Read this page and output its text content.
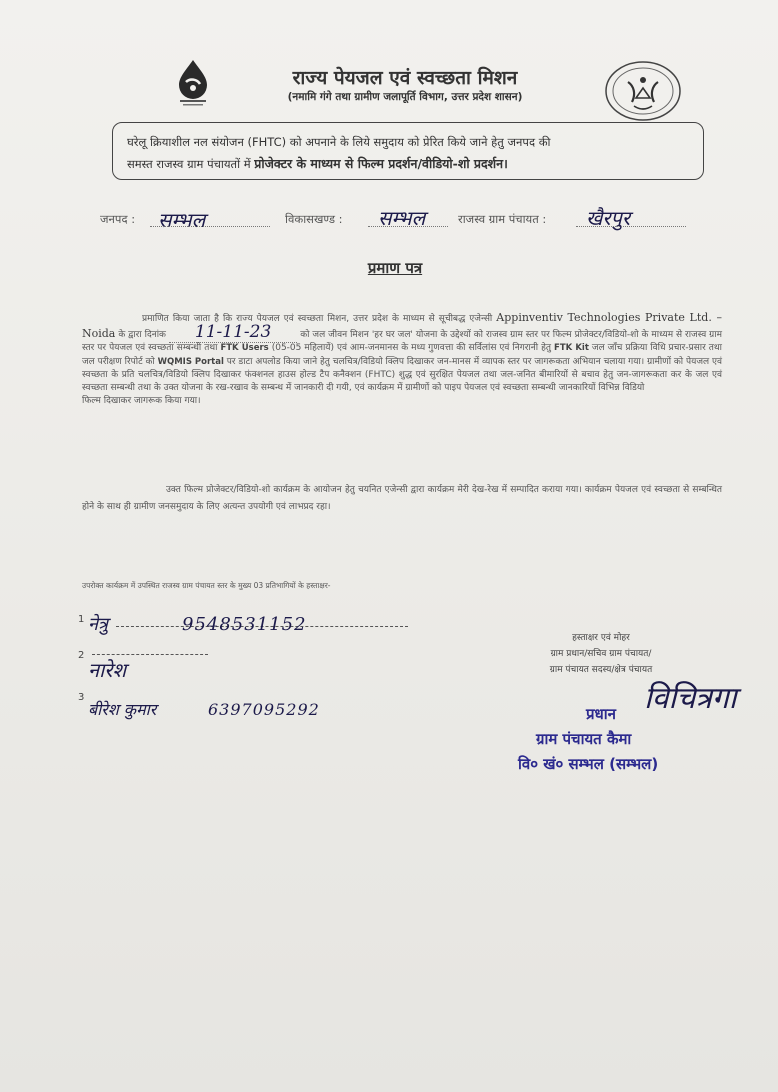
राज्य पेयजल एवं स्वच्छता मिशन
(नमामि गंगे तथा ग्रामीण जलापूर्ति विभाग, उत्तर प्रदेश शासन)
घरेलू क्रियाशील नल संयोजन (FHTC) को अपनाने के लिये समुदाय को प्रेरित किये जाने हेतु जनपद की
समस्त राजस्व ग्राम पंचायतों में प्रोजेक्टर के माध्यम से फिल्म प्रदर्शन/वीडियो-शो प्रदर्शन।
जनपद : सम्भल	विकासखण्ड : सम्भल	राजस्व ग्राम पंचायत : खैरपुर
प्रमाण पत्र
प्रमाणित किया जाता है कि राज्य पेयजल एवं स्वच्छता मिशन, उत्तर प्रदेश के माध्यम से सूचीबद्ध एजेन्सी Appinventiv Technologies Private Ltd. – Noida के द्वारा दिनांक 11-11-23	को जल जीवन मिशन 'हर घर जल' योजना के उद्देश्यों को राजस्व ग्राम स्तर पर फिल्म प्रोजेक्टर/विडियो-शो के माध्यम से राजस्व ग्राम स्तर पर पेयजल एवं स्वच्छता सम्बन्धी तथा FTK Users (05-05 महिलायें) एवं आम-जनमानस के मध्य गुणवत्ता की सर्विलांस एवं निगरानी हेतु FTK Kit जल जाँच प्रक्रिया विधि प्रचार-प्रसार तथा जल परीक्षण रिपोर्ट को WQMIS Portal पर डाटा अपलोड किया जाने हेतु चलचित्र/विडियो क्लिप दिखाकर जन-मानस में व्यापक स्तर पर जागरूकता अभियान चलाया गया। ग्रामीणों को पेयजल एवं स्वच्छता के प्रति चलचित्र/विडियो क्लिप दिखाकर फंक्शनल हाउस होल्ड टैप कनैक्शन (FHTC) शुद्ध एवं सुरक्षित पेयजल तथा जल-जनित बीमारियों से बचाव हेतु जन-जागरूकता कर के जल एवं स्वच्छता सम्बन्धी तथा के उक्त योजना के रख-रखाव के सम्बन्ध में जानकारी दी गयी, एवं कार्यक्रम में ग्रामीणों को पाइप पेयजल एवं स्वच्छता सम्बन्धी जानकारियों विभिन्न विडियो
फिल्म दिखाकर जागरूक किया गया।
उक्त फिल्म प्रोजेक्टर/विडियो-शो कार्यक्रम के आयोजन हेतु चयनित एजेन्सी द्वारा कार्यक्रम मेरी देख-रेख में सम्पादित कराया गया। कार्यक्रम पेयजल एवं स्वच्छता से सम्बन्धित होने के साथ ही ग्रामीण जनसमुदाय के लिए अत्यन्त उपयोगी एवं लाभप्रद रहा।
उपरोक्त कार्यक्रम में उपस्थित राजस्व ग्राम पंचायत स्तर के मुख्य 03 प्रतिभागियों के हस्ताक्षर-
1 नेत्रु	9548531152
2
नारेश
3
बीरेश कुमार	6397095292
हस्ताक्षर एवं मोहर
ग्राम प्रधान/सचिव ग्राम पंचायत/
ग्राम पंचायत सदस्य/क्षेत्र पंचायत
विचित्रगा
प्रधान
ग्राम पंचायत कैमा
वि० खं० सम्भल (सम्भल)
